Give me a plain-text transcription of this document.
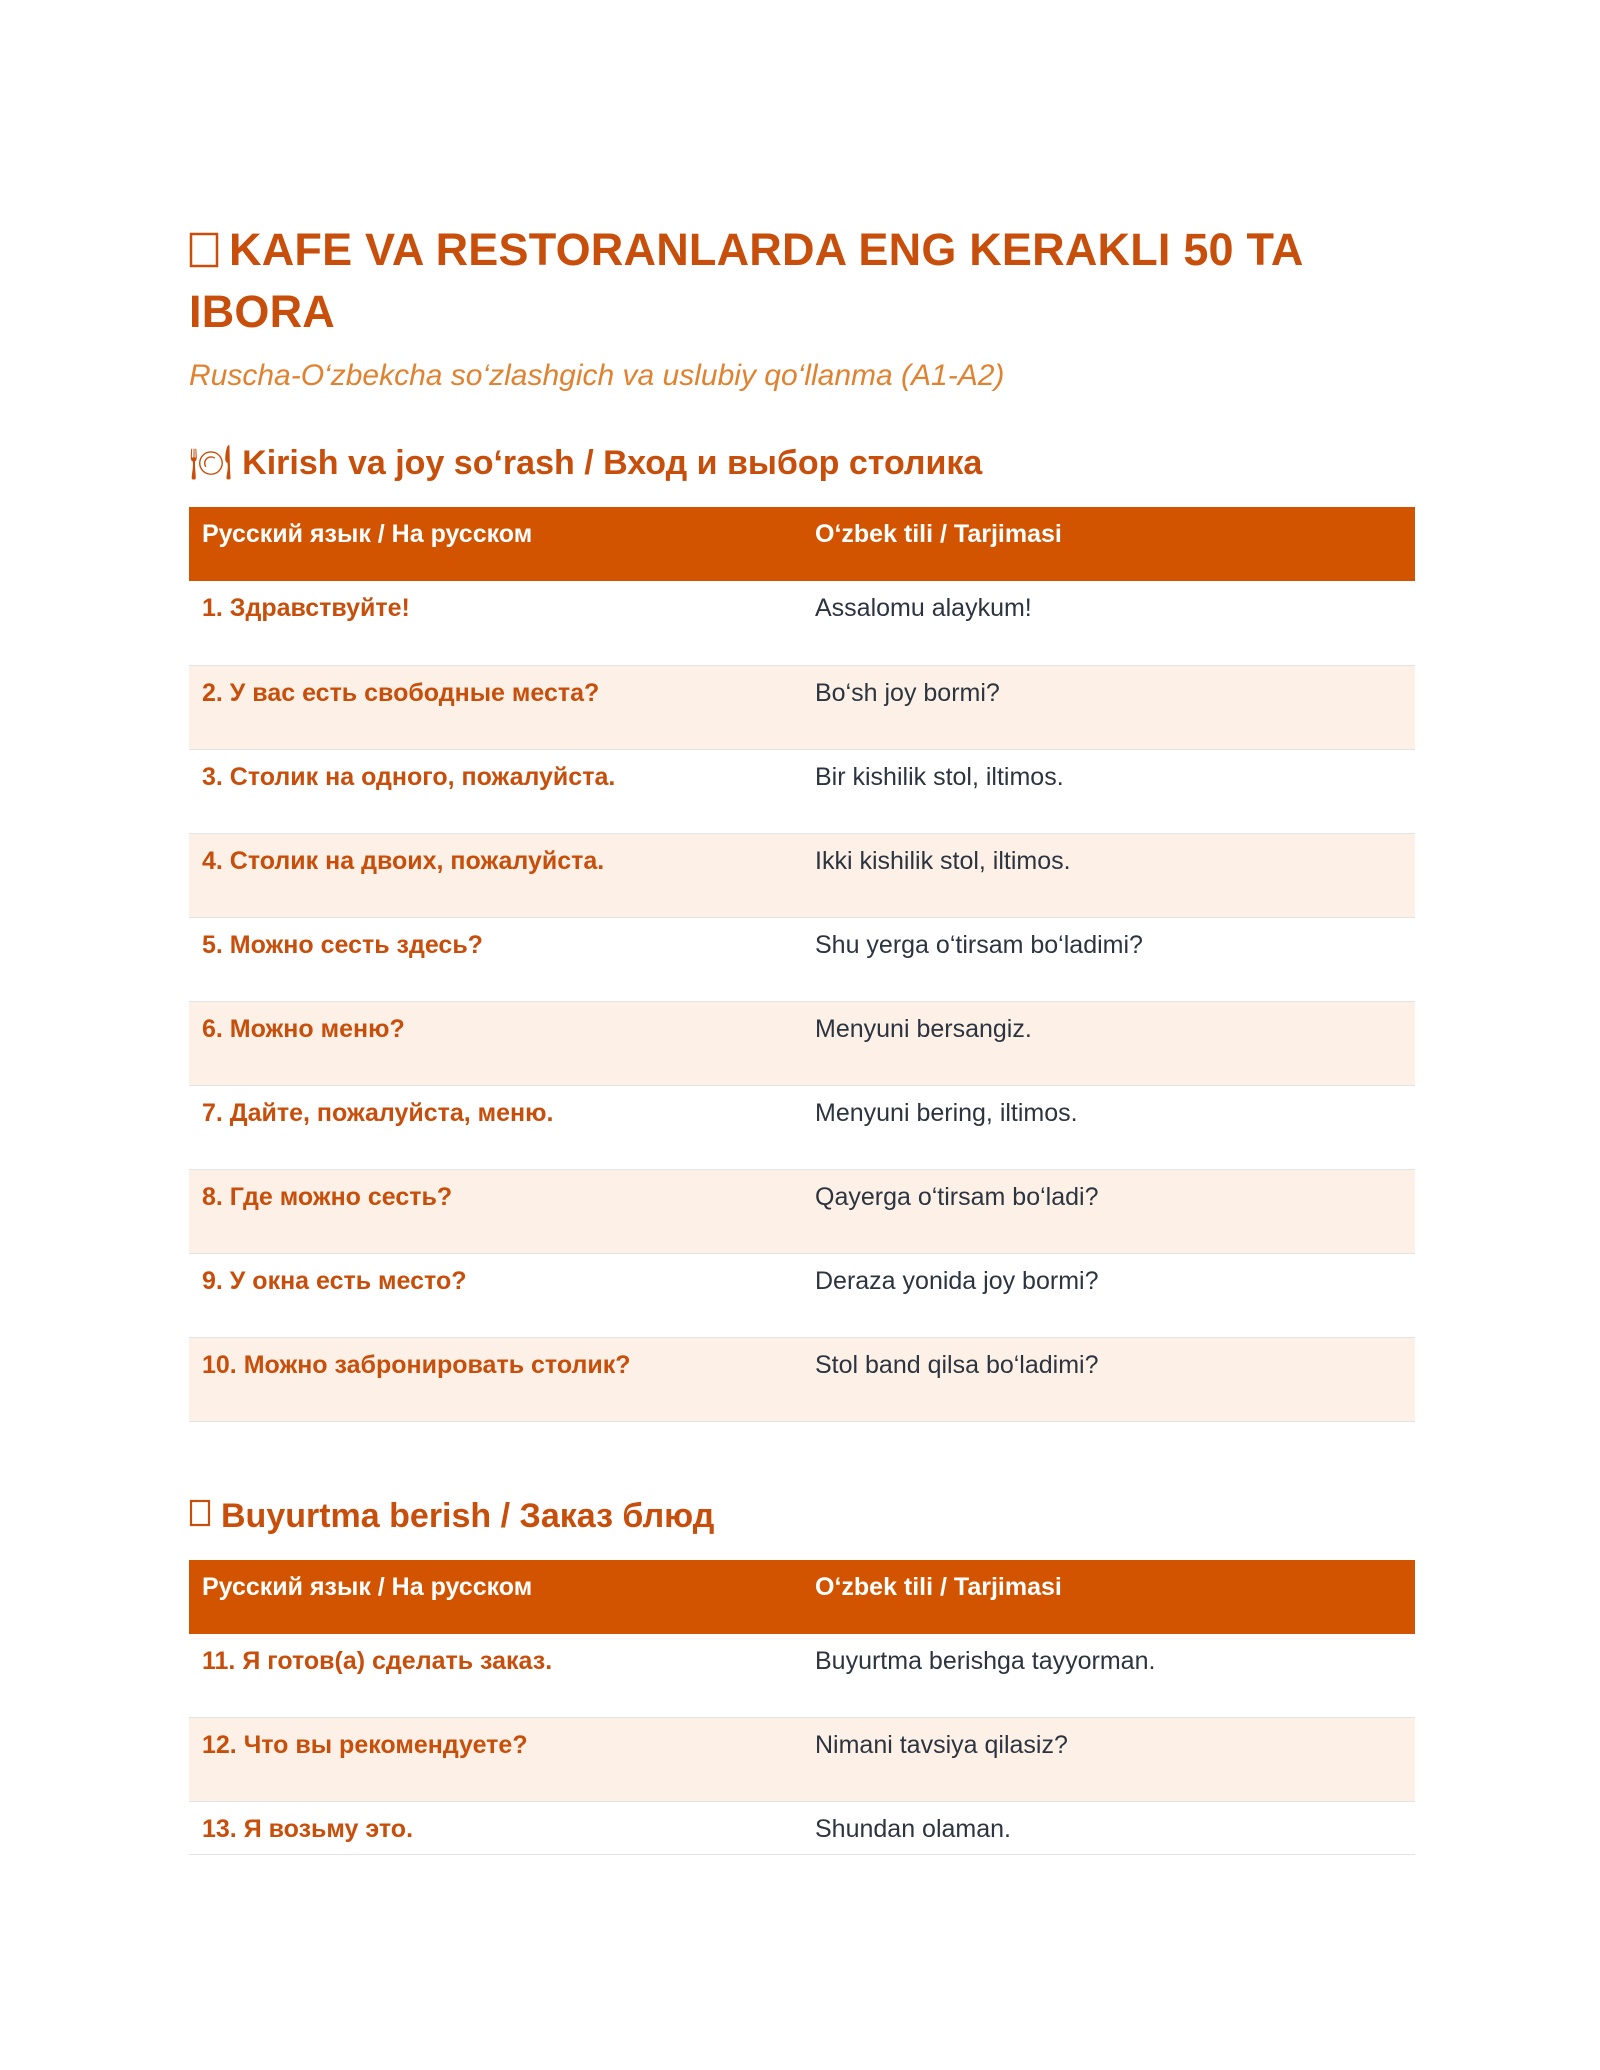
KAFE VA RESTORANLARDA ENG KERAKLI 50 TA IBORA

Ruscha-O‘zbekcha so‘zlashgich va uslubiy qo‘llanma (A1-A2)

🍽 Kirish va joy so‘rash / Вход и выбор столика
Русский язык / На русском	O‘zbek tili / Tarjimasi
1. Здравствуйте!	Assalomu alaykum!
2. У вас есть свободные места?	Bo‘sh joy bormi?
3. Столик на одного, пожалуйста.	Bir kishilik stol, iltimos.
4. Столик на двоих, пожалуйста.	Ikki kishilik stol, iltimos.
5. Можно сесть здесь?	Shu yerga o‘tirsam bo‘ladimi?
6. Можно меню?	Menyuni bersangiz.
7. Дайте, пожалуйста, меню.	Menyuni bering, iltimos.
8. Где можно сесть?	Qayerga o‘tirsam bo‘ladi?
9. У окна есть место?	Deraza yonida joy bormi?
10. Можно забронировать столик?	Stol band qilsa bo‘ladimi?
Buyurtma berish / Заказ блюд
Русский язык / На русском	O‘zbek tili / Tarjimasi
11. Я готов(а) сделать заказ.	Buyurtma berishga tayyorman.
12. Что вы рекомендуете?	Nimani tavsiya qilasiz?
13. Я возьму это.	Shundan olaman.
